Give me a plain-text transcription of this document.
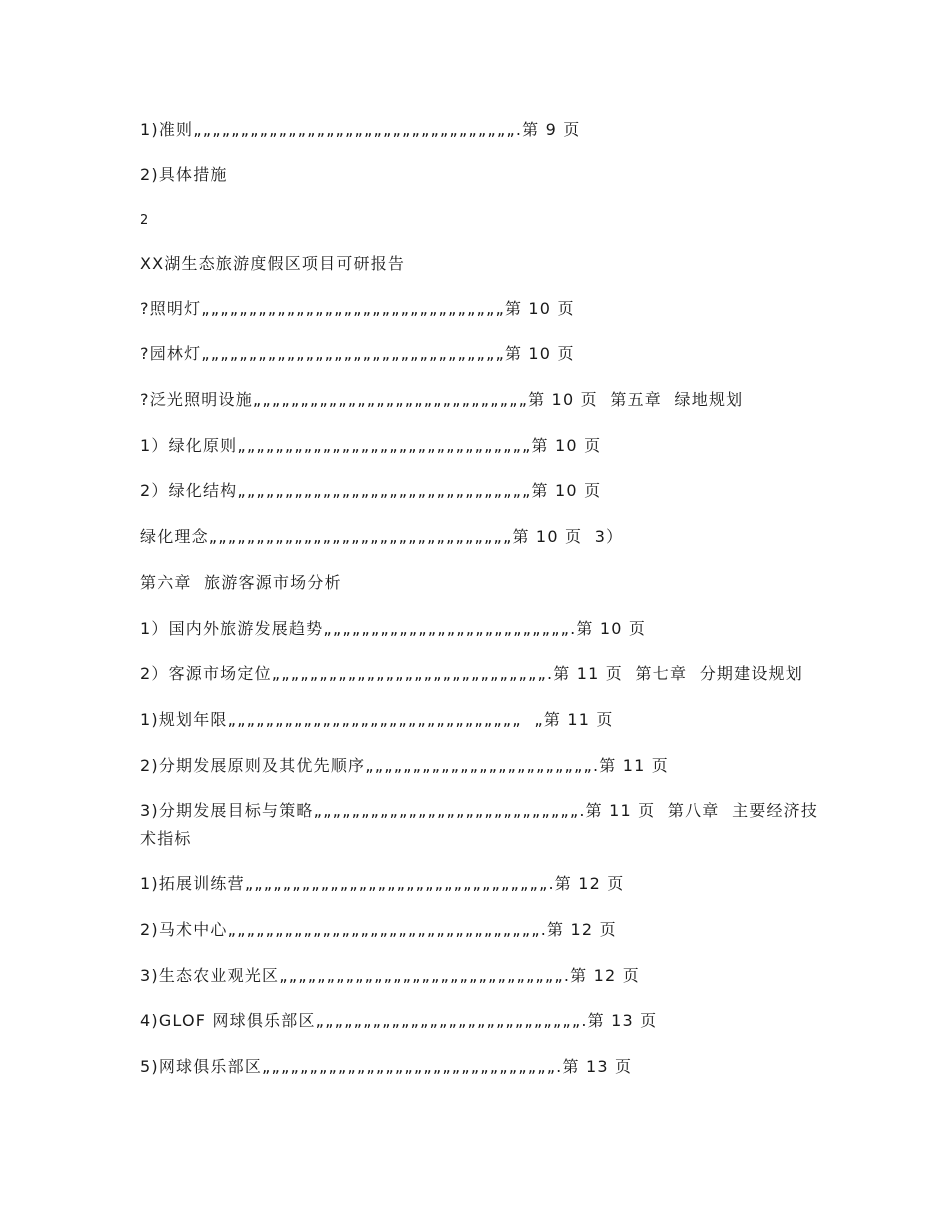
1)准则„„„„„„„„„„„„„„„„„„„„„„„„„„„„„„„„„„.第 9 页
2)具体措施
2
XX湖生态旅游度假区项目可研报告
?照明灯„„„„„„„„„„„„„„„„„„„„„„„„„„„„„„„„第 10 页
?园林灯„„„„„„„„„„„„„„„„„„„„„„„„„„„„„„„„第 10 页
?泛光照明设施„„„„„„„„„„„„„„„„„„„„„„„„„„„„„第 10 页  第五章  绿地规划
1）绿化原则„„„„„„„„„„„„„„„„„„„„„„„„„„„„„„„第 10 页
2）绿化结构„„„„„„„„„„„„„„„„„„„„„„„„„„„„„„„第 10 页
绿化理念„„„„„„„„„„„„„„„„„„„„„„„„„„„„„„„„第 10 页  3）
第六章  旅游客源市场分析
1）国内外旅游发展趋势„„„„„„„„„„„„„„„„„„„„„„„„„„.第 10 页
2）客源市场定位„„„„„„„„„„„„„„„„„„„„„„„„„„„„„.第 11 页  第七章  分期建设规划
1)规划年限„„„„„„„„„„„„„„„„„„„„„„„„„„„„„„„  „第 11 页
2)分期发展原则及其优先顺序„„„„„„„„„„„„„„„„„„„„„„„„.第 11 页
3)分期发展目标与策略„„„„„„„„„„„„„„„„„„„„„„„„„„„„.第 11 页  第八章  主要经济技术指标
1)拓展训练营„„„„„„„„„„„„„„„„„„„„„„„„„„„„„„„„.第 12 页
2)马术中心„„„„„„„„„„„„„„„„„„„„„„„„„„„„„„„„„.第 12 页
3)生态农业观光区„„„„„„„„„„„„„„„„„„„„„„„„„„„„„„.第 12 页
4)GLOF 网球俱乐部区„„„„„„„„„„„„„„„„„„„„„„„„„„„„.第 13 页
5)网球俱乐部区„„„„„„„„„„„„„„„„„„„„„„„„„„„„„„„.第 13 页
